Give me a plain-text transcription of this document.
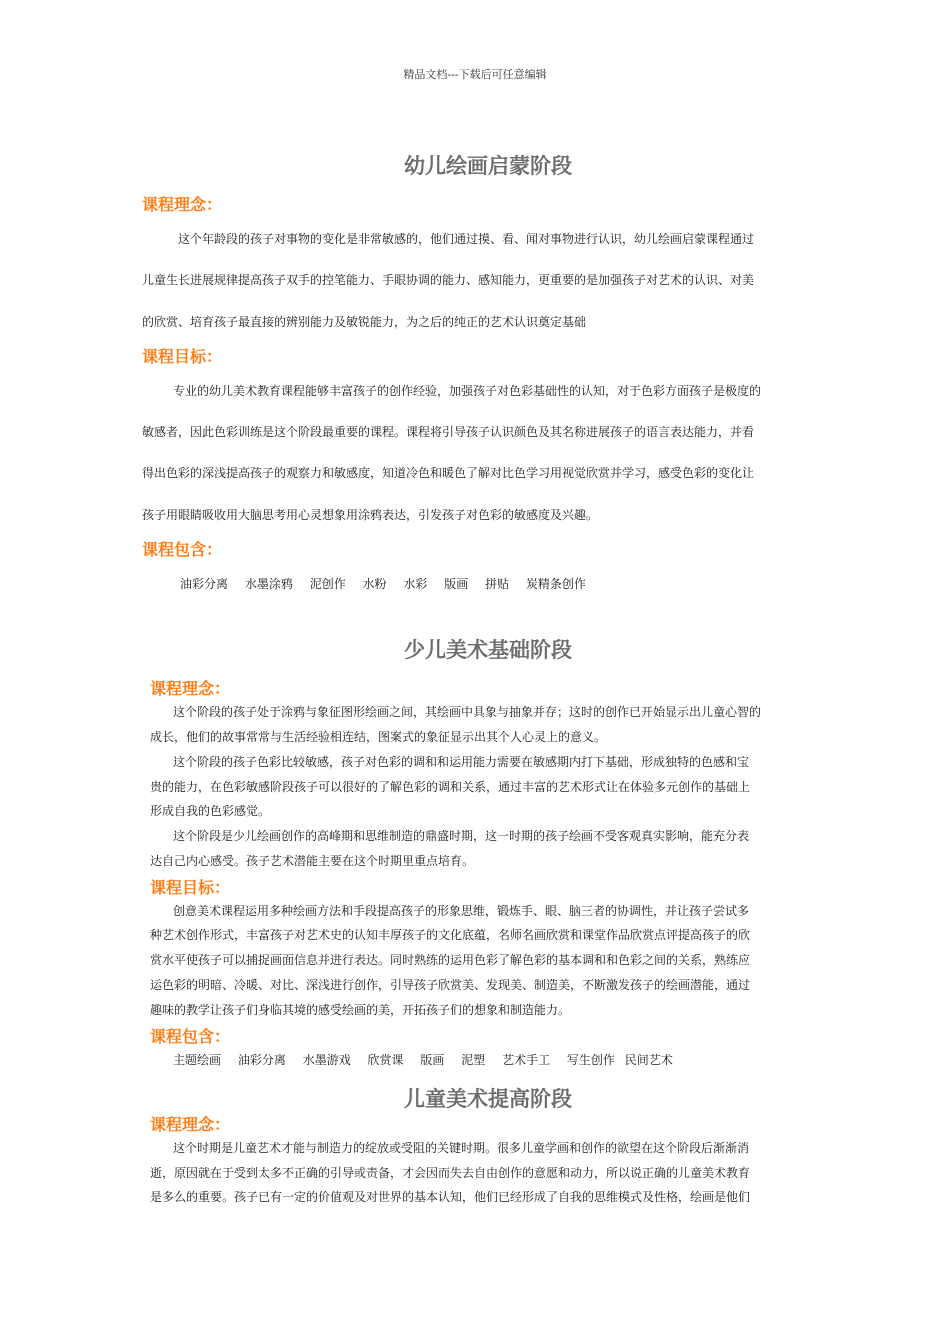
精品文档---下载后可任意编辑
幼儿绘画启蒙阶段
课程理念：
这个年龄段的孩子对事物的变化是非常敏感的，他们通过摸、看、闻对事物进行认识，幼儿绘画启蒙课程通过
儿童生长进展规律提高孩子双手的控笔能力、手眼协调的能力、感知能力，更重要的是加强孩子对艺术的认识、对美
的欣赏、培育孩子最直接的辨别能力及敏锐能力，为之后的纯正的艺术认识奠定基础
课程目标：
专业的幼儿美术教育课程能够丰富孩子的创作经验，加强孩子对色彩基础性的认知，对于色彩方面孩子是极度的
敏感者，因此色彩训练是这个阶段最重要的课程。课程将引导孩子认识颜色及其名称进展孩子的语言表达能力，并看
得出色彩的深浅提高孩子的观察力和敏感度，知道冷色和暖色了解对比色学习用视觉欣赏并学习，感受色彩的变化让
孩子用眼睛吸收用大脑思考用心灵想象用涂鸦表达，引发孩子对色彩的敏感度及兴趣。
课程包含：
油彩分离 水墨涂鸦 泥创作 水粉 水彩 版画 拼贴 炭精条创作
少儿美术基础阶段
课程理念：
这个阶段的孩子处于涂鸦与象征图形绘画之间，其绘画中具象与抽象并存；这时的创作已开始显示出儿童心智的
成长，他们的故事常常与生活经验相连结，图案式的象征显示出其个人心灵上的意义。
这个阶段的孩子色彩比较敏感，孩子对色彩的调和和运用能力需要在敏感期内打下基础，形成独特的色感和宝
贵的能力，在色彩敏感阶段孩子可以很好的了解色彩的调和关系，通过丰富的艺术形式让在体验多元创作的基础上
形成自我的色彩感觉。
这个阶段是少儿绘画创作的高峰期和思维制造的鼎盛时期，这一时期的孩子绘画不受客观真实影响，能充分表
达自己内心感受。孩子艺术潜能主要在这个时期里重点培育。
课程目标：
创意美术课程运用多种绘画方法和手段提高孩子的形象思维，锻炼手、眼、脑三者的协调性，并让孩子尝试多
种艺术创作形式，丰富孩子对艺术史的认知丰厚孩子的文化底蕴，名师名画欣赏和课堂作品欣赏点评提高孩子的欣
赏水平使孩子可以捕捉画面信息并进行表达。同时熟练的运用色彩了解色彩的基本调和和色彩之间的关系，熟练应
运色彩的明暗、冷暖、对比、深浅进行创作，引导孩子欣赏美、发现美、制造美，不断激发孩子的绘画潜能，通过
趣味的教学让孩子们身临其境的感受绘画的美，开拓孩子们的想象和制造能力。
课程包含：
主题绘画 油彩分离 水墨游戏 欣赏课 版画 泥塑 艺术手工 写生创作 民间艺术
儿童美术提高阶段
课程理念：
这个时期是儿童艺术才能与制造力的绽放或受阻的关键时期。很多儿童学画和创作的欲望在这个阶段后渐渐消
逝，原因就在于受到太多不正确的引导或责备，才会因而失去自由创作的意愿和动力，所以说正确的儿童美术教育
是多么的重要。孩子已有一定的价值观及对世界的基本认知，他们已经形成了自我的思维模式及性格，绘画是他们
